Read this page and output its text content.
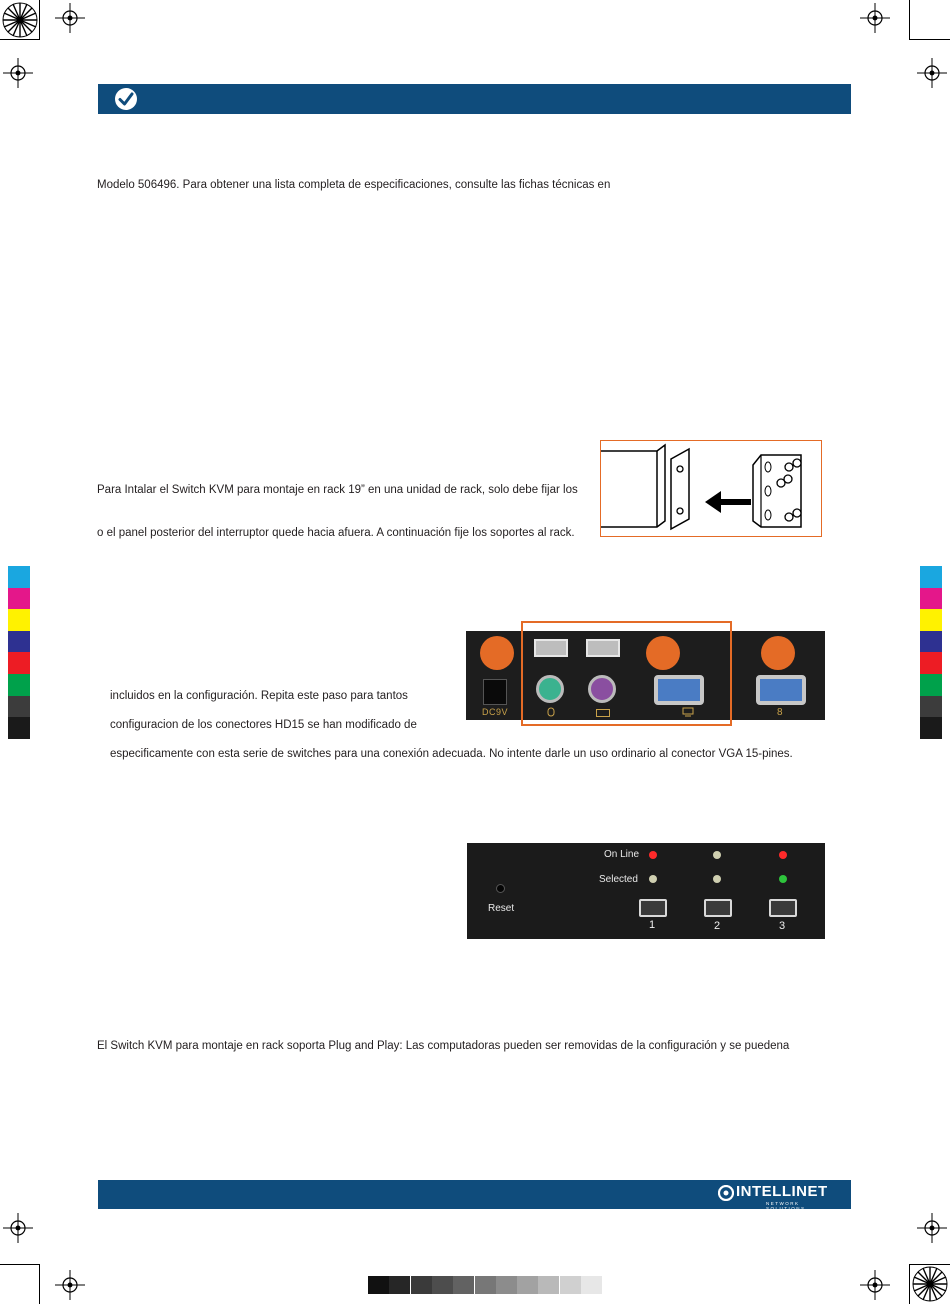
Modelo 506496. Para obtener una lista completa de especificaciones, consulte las fichas técnicas en
Para Intalar el Switch KVM para montaje en rack 19” en una unidad de rack, solo debe fijar los
o el panel posterior del interruptor quede hacia afuera. A continuación fije los soportes al rack.
DC9V	8
incluidos en la configuración. Repita este paso para tantos
configuracion de los conectores HD15 se han modificado de
especificamente con esta serie de switches para una conexión adecuada. No intente darle un uso ordinario al conector VGA 15-pines.
On Line
Selected
Reset
1	2	3
El Switch KVM para montaje en rack soporta Plug and Play: Las computadoras pueden ser removidas de la configuración y se puedena
INTELLINET
NETWORK SOLUTIONS
